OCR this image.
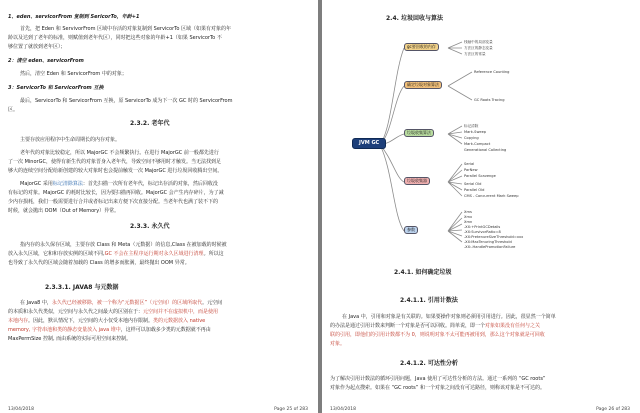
1、eden、servicorFrom 复制到 SericorTo，年龄+1
首先，把 Eden 和 ServivorFrom 区域中存活的对象复制到 ServicorTo 区域（如果有对象的年
龄以及达到了老年的标准，则赋值到老年代区），同时把这些对象的年龄+1（如果 ServicorTo 不
够位置了就放到老年区）；
2：清空 eden、servicorFrom
然后，清空 Eden 和 ServicorFrom 中的对象；
3：ServicorTo 和 ServicorFrom 互换
最后，ServicorTo 和 ServicorFrom 互换，原 ServicorTo 成为下一次 GC 时的 ServicorFrom
区。
2.3.2. 老年代
主要存放应用程序中生命周期长的内存对象。
老年代的对象比较稳定，所以 MajorGC 不会频繁执行。在进行 MajorGC 前一般都先进行
了一次 MinorGC，使得有新生代的对象晋身入老年代，导致空间不够用时才触发。当无法找到足
够大的连续空间分配给新创建的较大对象时也会提前触发一次 MajorGC 进行垃圾回收腾出空间。
MajorGC 采用标记清除算法：首先扫描一次所有老年代，标记出存活的对象，然后回收没
有标记的对象。MajorGC 的耗时比较长，因为要扫描再回收。MajorGC 会产生内存碎片，为了减
少内存损耗，我们一般需要进行合并或者标记出来方便下次直接分配。当老年代也满了装不下的
时候，就会抛出 OOM（Out of Memory）异常。
2.3.3. 永久代
指内存的永久保存区域，主要存放 Class 和 Meta（元数据）的信息,Class 在被加载的时候被
放入永久区域，它和和存放实例的区域不同,GC 不会在主程序运行期对永久区域进行清理。所以这
也导致了永久代的区域会随着加载的 Class 的增多而胀满，最终抛出 OOM 异常。
2.3.3.1. JAVA8 与元数据
在 Java8 中，永久代已经被移除，被一个称为“元数据区”（元空间）的区域所取代。元空间
的本质和永久代类似，元空间与永久代之间最大的区别在于：元空间并不在虚拟机中，而是使用
本地内存。因此，默认情况下，元空间的大小仅受本地内存限制。类的元数据放入 native
memory, 字符串池和类的静态变量放入 java 堆中，这样可以加载多少类的元数据就不再由
MaxPermSize 控制, 而由系统的实际可用空间来控制。
13/04/2018	Page 25 of 283
2.4. 垃圾回收与算法
JVM GC
gc要回收的内存
确定垃圾对象算法
垃圾收集算法
垃圾收集器
参数
栈帧中的局部变量
方法区的静态变量
方法区的常量
Reference Counting
GC Roots Tracing
标记清除
Mark-Sweep
Copying
Mark-Compact
Generational Collecting
Serial
ParNew
Parallel Scavenge
Serial Old
Parallel Old
CMS - Concurrent Mark Sweep
Xms
Xmx
Xmn
-XX:+PrintGCDetails
-XX:SurvivorRatio=8
-XX:PretenureSizeThreshold=xxx
-XX:MaxTenuringThreshold
-XX:-HandlePromotionFailure
2.4.1. 如何确定垃圾
2.4.1.1. 引用计数法
在 Java 中，引用和对象是有关联的。如果要操作对象则必须用引用进行。因此，很显然一个简单
的办法是通过引用计数来判断一个对象是否可以回收。简单说，即一个对象如果没有任何与之关
联的引用，即他们的引用计数都不为 0，则说明对象不太可能再被用到，那么这个对象就是可回收
对象。
2.4.1.2. 可达性分析
为了解决引用计数法的循环引用问题，Java 使用了可达性分析的方法。通过一系列的 “GC roots”
对象作为起点搜索。如果在 “GC roots” 和一个对象之间没有可达路径，则称该对象是不可达的。
13/04/2018	Page 26 of 283
